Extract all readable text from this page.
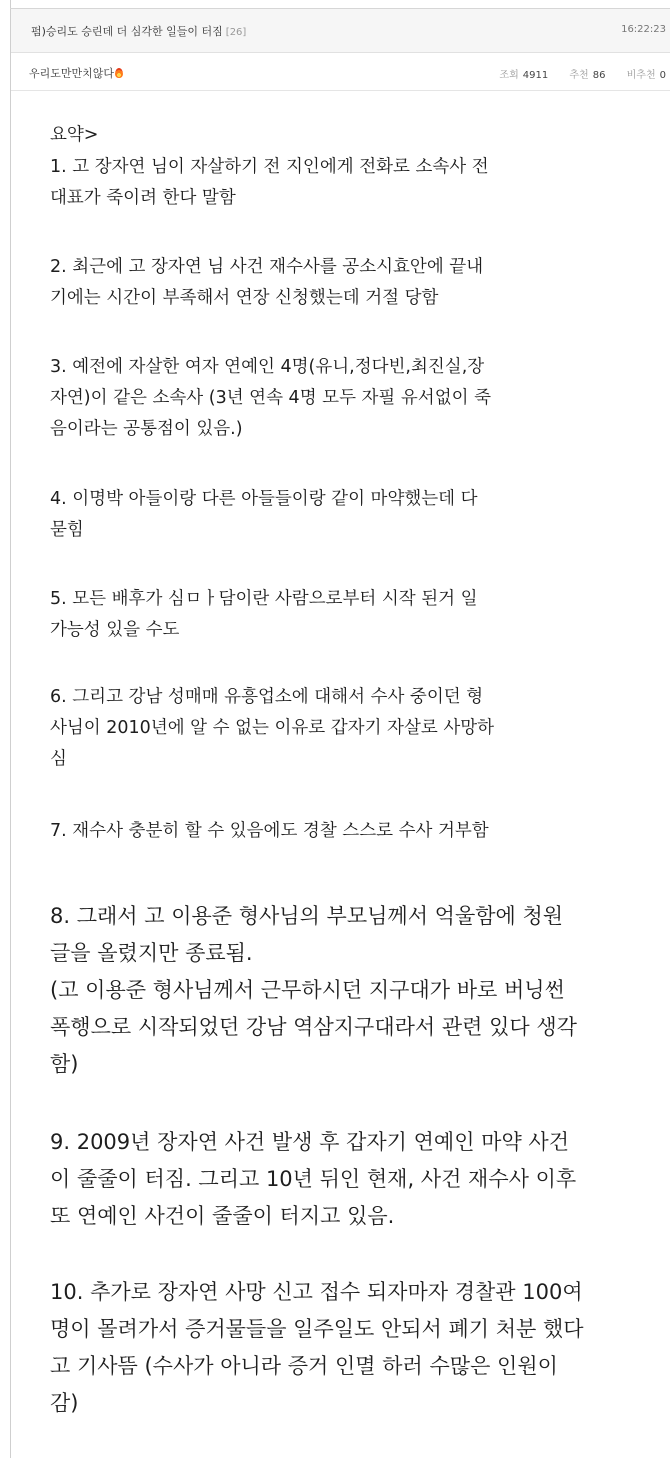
펌)승리도 승린데 더 심각한 일들이 터짐 [26]	16:22:23
우리도만만치않다	조회 4911 추천 86 비추천 0
요약>
1. 고 장자연 님이 자살하기 전 지인에게 전화로 소속사 전
대표가 죽이려 한다 말함
2. 최근에 고 장자연 님 사건 재수사를 공소시효안에 끝내
기에는 시간이 부족해서 연장 신청했는데 거절 당함
3. 예전에 자살한 여자 연예인 4명(유니,정다빈,최진실,장
자연)이 같은 소속사 (3년 연속 4명 모두 자필 유서없이 죽
음이라는 공통점이 있음.)
4. 이명박 아들이랑 다른 아들들이랑 같이 마약했는데 다
묻힘
5. 모든 배후가 심ㅁㅏ담이란 사람으로부터 시작 된거 일
가능성 있을 수도
6. 그리고 강남 성매매 유흥업소에 대해서 수사 중이던 형
사님이 2010년에 알 수 없는 이유로 갑자기 자살로 사망하
심
7. 재수사 충분히 할 수 있음에도 경찰 스스로 수사 거부함
8. 그래서 고 이용준 형사님의 부모님께서 억울함에 청원
글을 올렸지만 종료됨.
(고 이용준 형사님께서 근무하시던 지구대가 바로 버닝썬
폭행으로 시작되었던 강남 역삼지구대라서 관련 있다 생각
함)
9. 2009년 장자연 사건 발생 후 갑자기 연예인 마약 사건
이 줄줄이 터짐. 그리고 10년 뒤인 현재, 사건 재수사 이후
또 연예인 사건이 줄줄이 터지고 있음.
10. 추가로 장자연 사망 신고 접수 되자마자 경찰관 100여
명이 몰려가서 증거물들을 일주일도 안되서 폐기 처분 했다
고 기사뜸 (수사가 아니라 증거 인멸 하러 수많은 인원이
감)
